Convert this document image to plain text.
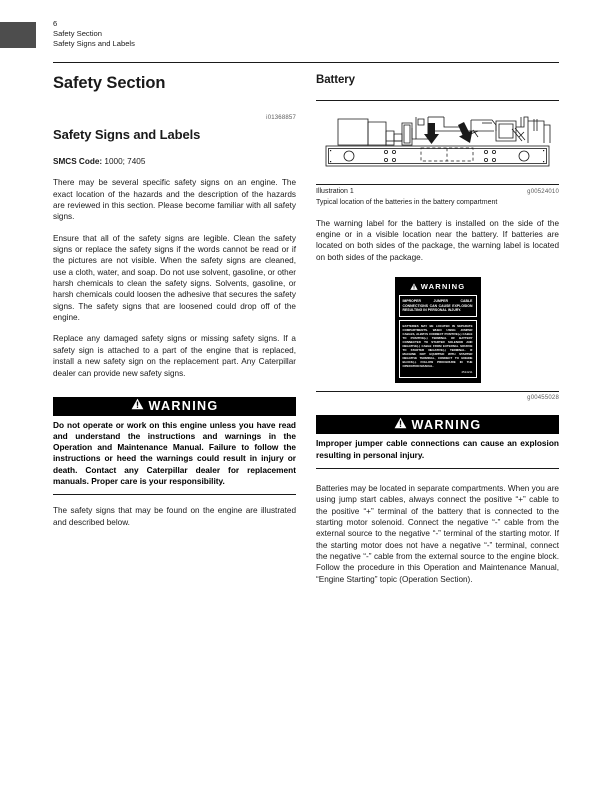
6
Safety Section
Safety Signs and Labels
Safety Section
i01368857
Safety Signs and Labels

SMCS Code: 1000; 7405

There may be several specific safety signs on an engine. The exact location of the hazards and the description of the hazards are reviewed in this section. Please become familiar with all safety signs.

Ensure that all of the safety signs are legible. Clean the safety signs or replace the safety signs if the words cannot be read or if the pictures are not visible. When the safety signs are cleaned, use a cloth, water, and soap. Do not use solvent, gasoline, or other harsh chemicals to clean the safety signs. Solvents, gasoline, or harsh chemicals could loosen the adhesive that secures the safety signs. The safety signs that are loosened could drop off of the engine.

Replace any damaged safety signs or missing safety signs. If a safety sign is attached to a part of the engine that is replaced, install a new safety sign on the replacement part. Any Caterpillar dealer can provide new safety signs.

WARNING

Do not operate or work on this engine unless you have read and understand the instructions and warnings in the Operation and Maintenance Manual. Failure to follow the instructions or heed the warnings could result in injury or death. Contact any Caterpillar dealer for replacement manuals. Proper care is your responsibility.

The safety signs that may be found on the engine are illustrated and described below.

Battery
Illustration 1	g00524010

Typical location of the batteries in the battery compartment

The warning label for the battery is installed on the side of the engine or in a visible location near the battery. If batteries are located on both sides of the package, the warning label is located on both sides of the package.

WARNING

IMPROPER JUMPER CABLE CONNECTIONS CAN CAUSE EXPLOSION RESULTING IN PERSONAL INJURY.

BATTERIES MAY BE LOCATED IN SEPARATE COMPARTMENTS. WHEN USING JUMPER CABLES, ALWAYS CONNECT POSITIVE(+) CABLE TO POSITIVE(+) TERMINAL OF BATTERY CONNECTED TO STARTER SOLENOID AND NEGATIVE(-) CABLE FROM EXTERNAL SOURCE TO STARTER NEGATIVE(-) TERMINAL. IF MACHINE NOT EQUIPPED WITH STARTER NEGATIVE TERMINAL, CONNECT TO ENGINE BLOCK(-). FOLLOW PROCEDURE IN THE OPERATION MANUAL.

2514211
g00455028
WARNING

Improper jumper cable connections can cause an explosion resulting in personal injury.

Batteries may be located in separate compartments. When you are using jump start cables, always connect the positive “+” cable to the positive “+” terminal of the battery that is connected to the starting motor solenoid. Connect the negative “-” cable from the external source to the negative “-” terminal of the starting motor. If the starting motor does not have a negative “-” terminal, connect the negative “-” cable from the external source to the engine block. Follow the procedure in this Operation and Maintenance Manual, “Engine Starting” topic (Operation Section).
